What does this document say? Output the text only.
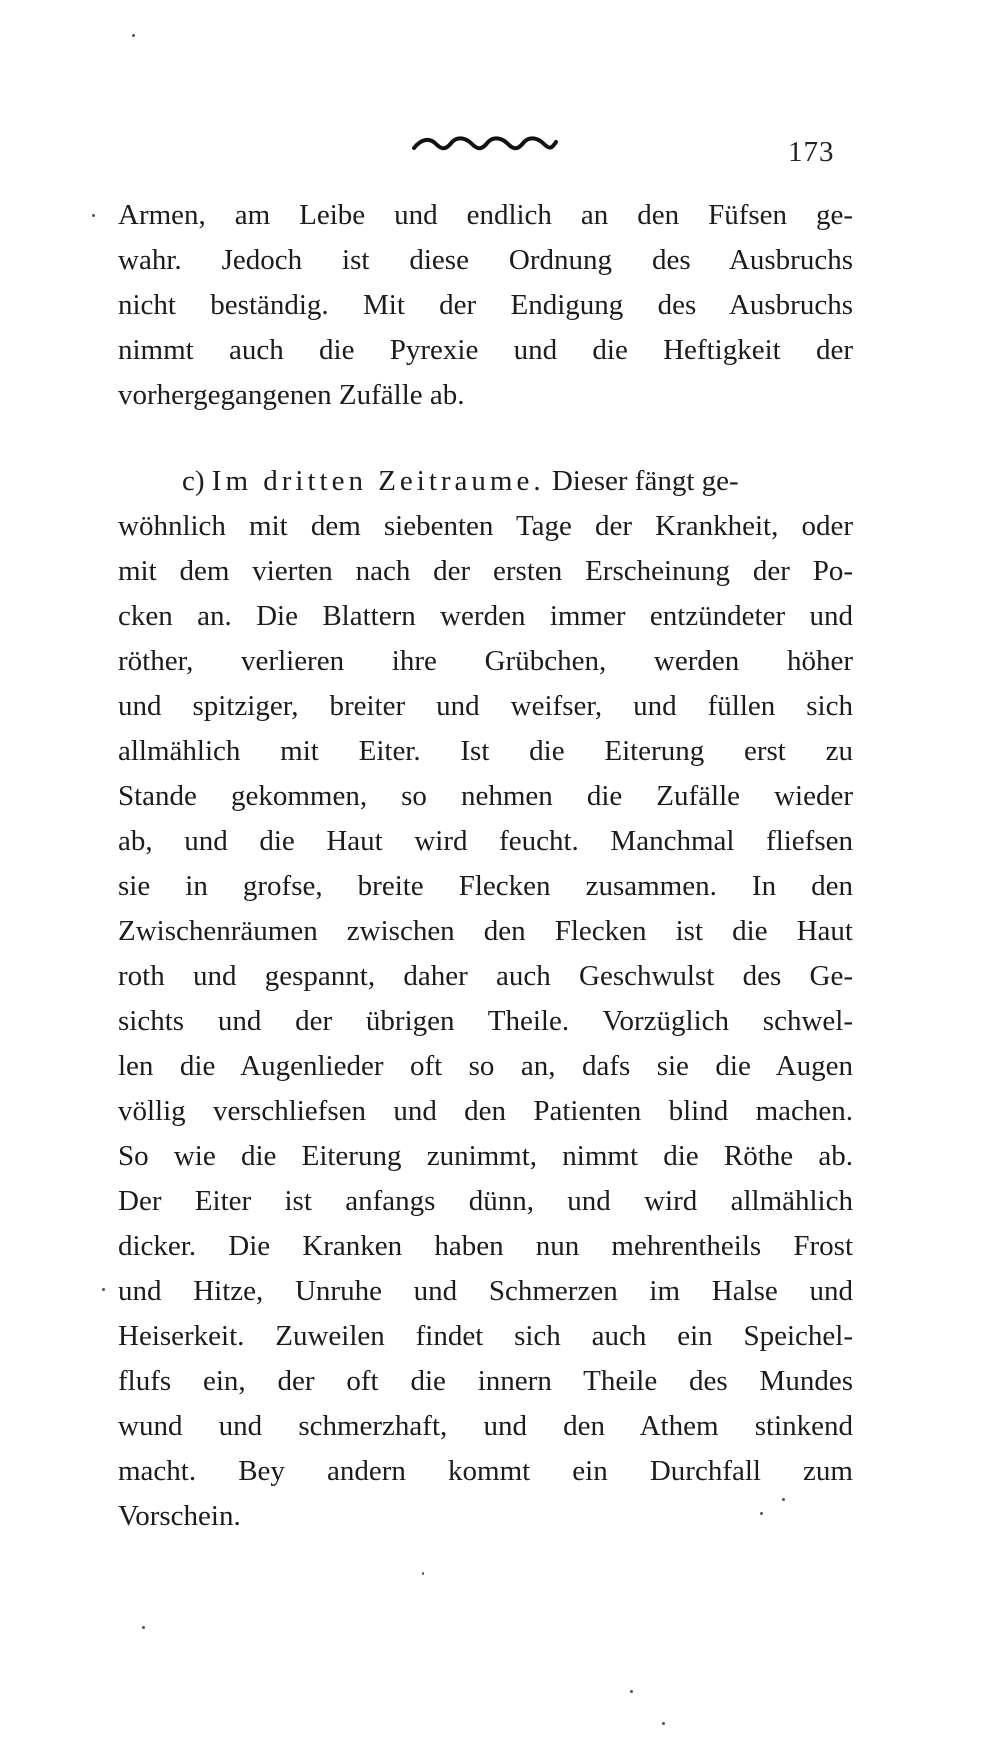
173
Armen, am Leibe und endlich an den Füfsen ge-
wahr. Jedoch ist diese Ordnung des Ausbruchs
nicht beständig. Mit der Endigung des Ausbruchs
nimmt auch die Pyrexie und die Heftigkeit der
vorhergegangenen Zufälle ab.
c) Im dritten Zeitraume. Dieser fängt ge-
wöhnlich mit dem siebenten Tage der Krankheit, oder
mit dem vierten nach der ersten Erscheinung der Po-
cken an. Die Blattern werden immer entzündeter und
röther, verlieren ihre Grübchen, werden höher
und spitziger, breiter und weifser, und füllen sich
allmählich mit Eiter. Ist die Eiterung erst zu
Stande gekommen, so nehmen die Zufälle wieder
ab, und die Haut wird feucht. Manchmal fliefsen
sie in grofse, breite Flecken zusammen. In den
Zwischenräumen zwischen den Flecken ist die Haut
roth und gespannt, daher auch Geschwulst des Ge-
sichts und der übrigen Theile. Vorzüglich schwel-
len die Augenlieder oft so an, dafs sie die Augen
völlig verschliefsen und den Patienten blind machen.
So wie die Eiterung zunimmt, nimmt die Röthe ab.
Der Eiter ist anfangs dünn, und wird allmählich
dicker. Die Kranken haben nun mehrentheils Frost
und Hitze, Unruhe und Schmerzen im Halse und
Heiserkeit. Zuweilen findet sich auch ein Speichel-
flufs ein, der oft die innern Theile des Mundes
wund und schmerzhaft, und den Athem stinkend
macht. Bey andern kommt ein Durchfall zum
Vorschein.
